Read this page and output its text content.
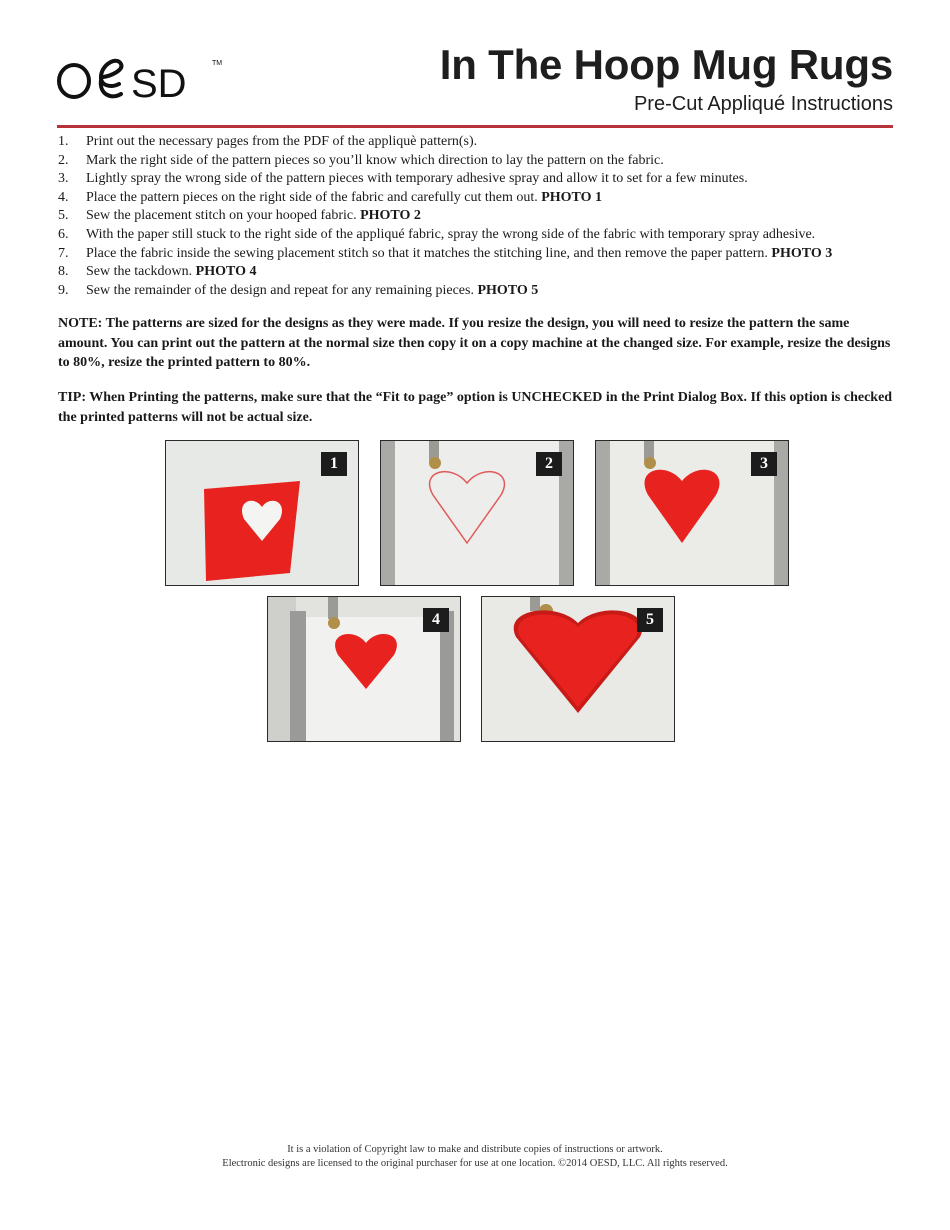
SD	TM	In The Hoop Mug Rugs
Pre-Cut Appliqué Instructions
1. Print out the necessary pages from the PDF of the appliquè pattern(s).
2. Mark the right side of the pattern pieces so you’ll know which direction to lay the pattern on the fabric.
3. Lightly spray the wrong side of the pattern pieces with temporary adhesive spray and allow it to set for a few minutes.
4. Place the pattern pieces on the right side of the fabric and carefully cut them out. PHOTO 1
5. Sew the placement stitch on your hooped fabric. PHOTO 2
6. With the paper still stuck to the right side of the appliqué fabric, spray the wrong side of the fabric with temporary spray adhesive.
7. Place the fabric inside the sewing placement stitch so that it matches the stitching line, and then remove the paper pattern. PHOTO 3
8. Sew the tackdown. PHOTO 4
9. Sew the remainder of the design and repeat for any remaining pieces. PHOTO 5

NOTE: The patterns are sized for the designs as they were made. If you resize the design, you will need to resize the pattern the same amount. You can print out the pattern at the normal size then copy it on a copy machine at the changed size. For example, resize the designs to 80%, resize the printed pattern to 80%.

TIP: When Printing the patterns, make sure that the “Fit to page” option is UNCHECKED in the Print Dialog Box. If this option is checked the printed patterns will not be actual size.

1	2	3
4	5
It is a violation of Copyright law to make and distribute copies of instructions or artwork.
Electronic designs are licensed to the original purchaser for use at one location. ©2014 OESD, LLC. All rights reserved.
